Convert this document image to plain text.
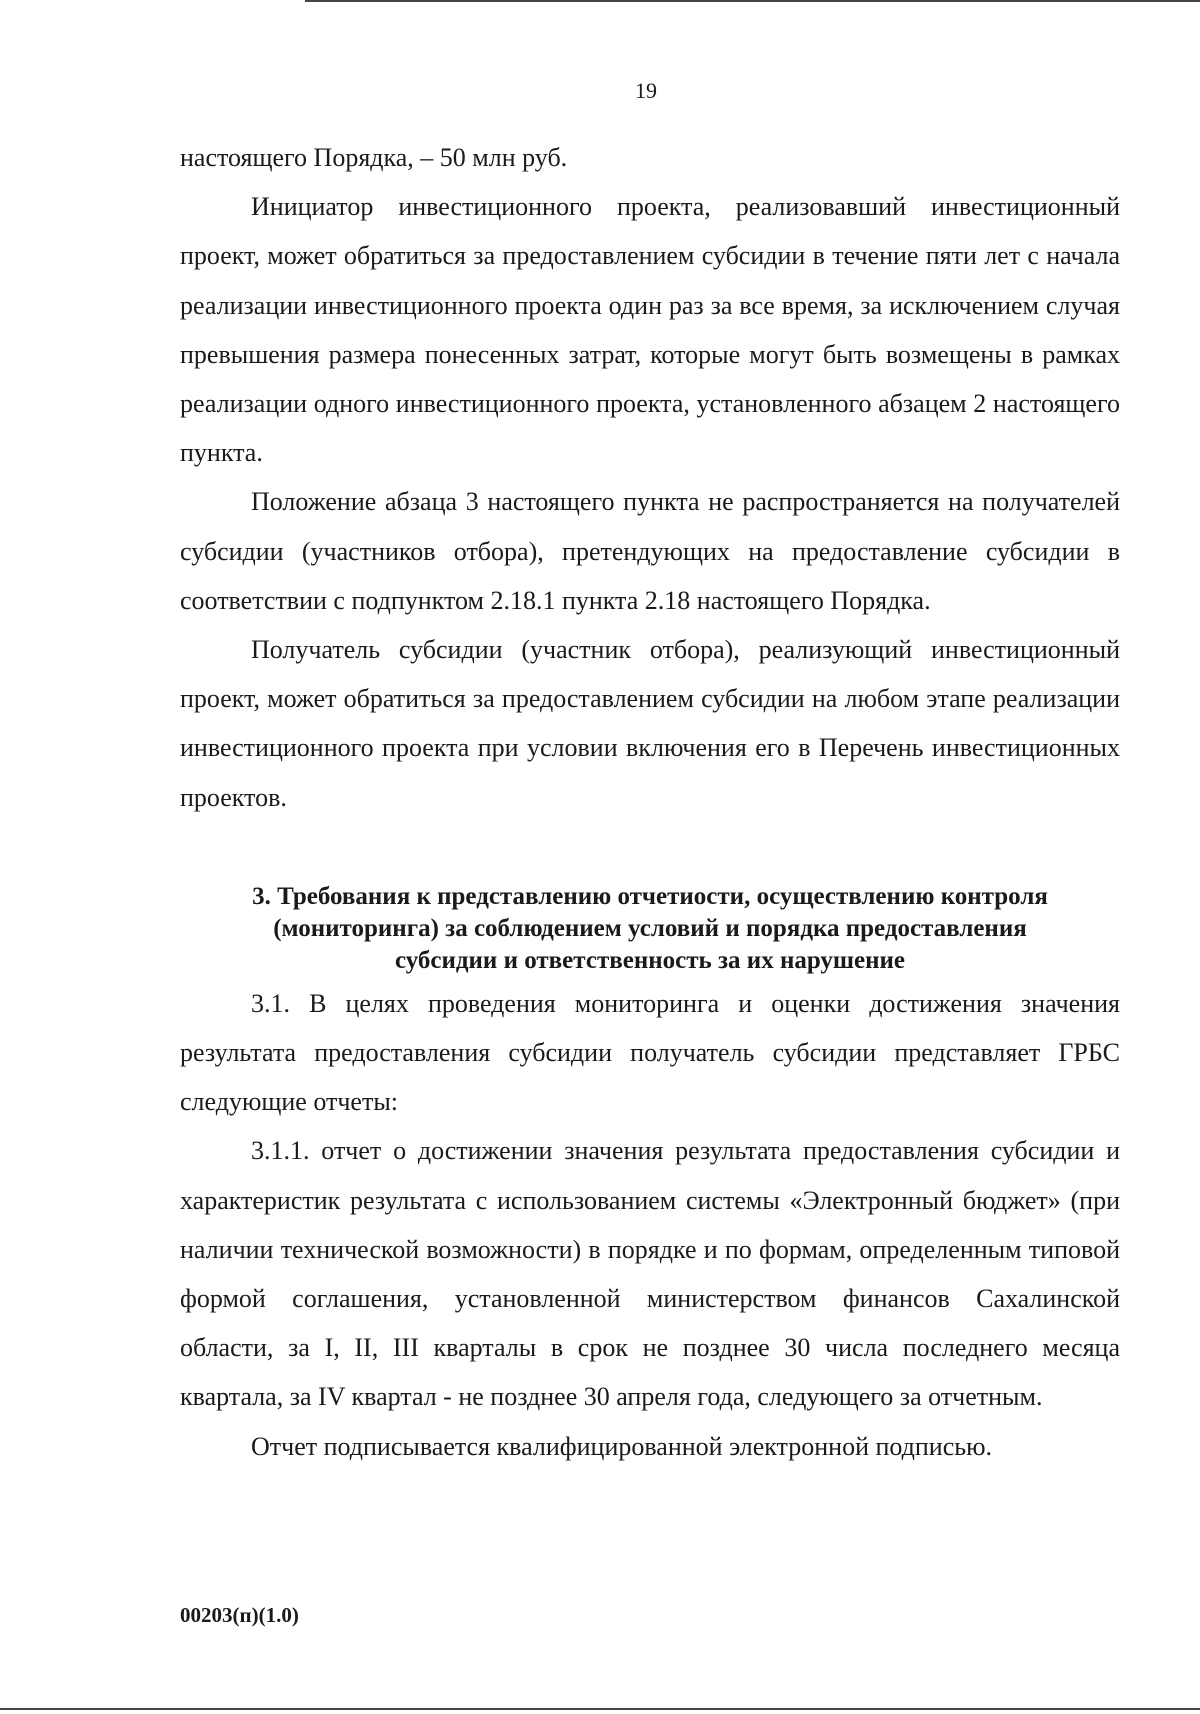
19

настоящего Порядка, – 50 млн руб.

Инициатор инвестиционного проекта, реализовавший инвестиционный проект, может обратиться за предоставлением субсидии в течение пяти лет с начала реализации инвестиционного проекта один раз за все время, за исключением случая превышения размера понесенных затрат, которые могут быть возмещены в рамках реализации одного инвестиционного проекта, установленного абзацем 2 настоящего пункта.

Положение абзаца 3 настоящего пункта не распространяется на получателей субсидии (участников отбора), претендующих на предоставление субсидии в соответствии с подпунктом 2.18.1 пункта 2.18 настоящего Порядка.

Получатель субсидии (участник отбора), реализующий инвестиционный проект, может обратиться за предоставлением субсидии на любом этапе реализации инвестиционного проекта при условии включения его в Перечень инвестиционных проектов.

3. Требования к представлению отчетиости, осуществлению контроля
(мониторинга) за соблюдением условий и порядка предоставления
субсидии и ответственность за их нарушение

3.1. В целях проведения мониторинга и оценки достижения значения результата предоставления субсидии получатель субсидии представляет ГРБС следующие отчеты:

3.1.1. отчет о достижении значения результата предоставления субсидии и характеристик результата с использованием системы «Электронный бюджет» (при наличии технической возможности) в порядке и по формам, определенным типовой формой соглашения, установленной министерством финансов Сахалинской области, за I, II, III кварталы в срок не позднее 30 числа последнего месяца квартала, за IV квартал - не позднее 30 апреля года, следующего за отчетным.

Отчет подписывается квалифицированной электронной подписью.

00203(п)(1.0)
